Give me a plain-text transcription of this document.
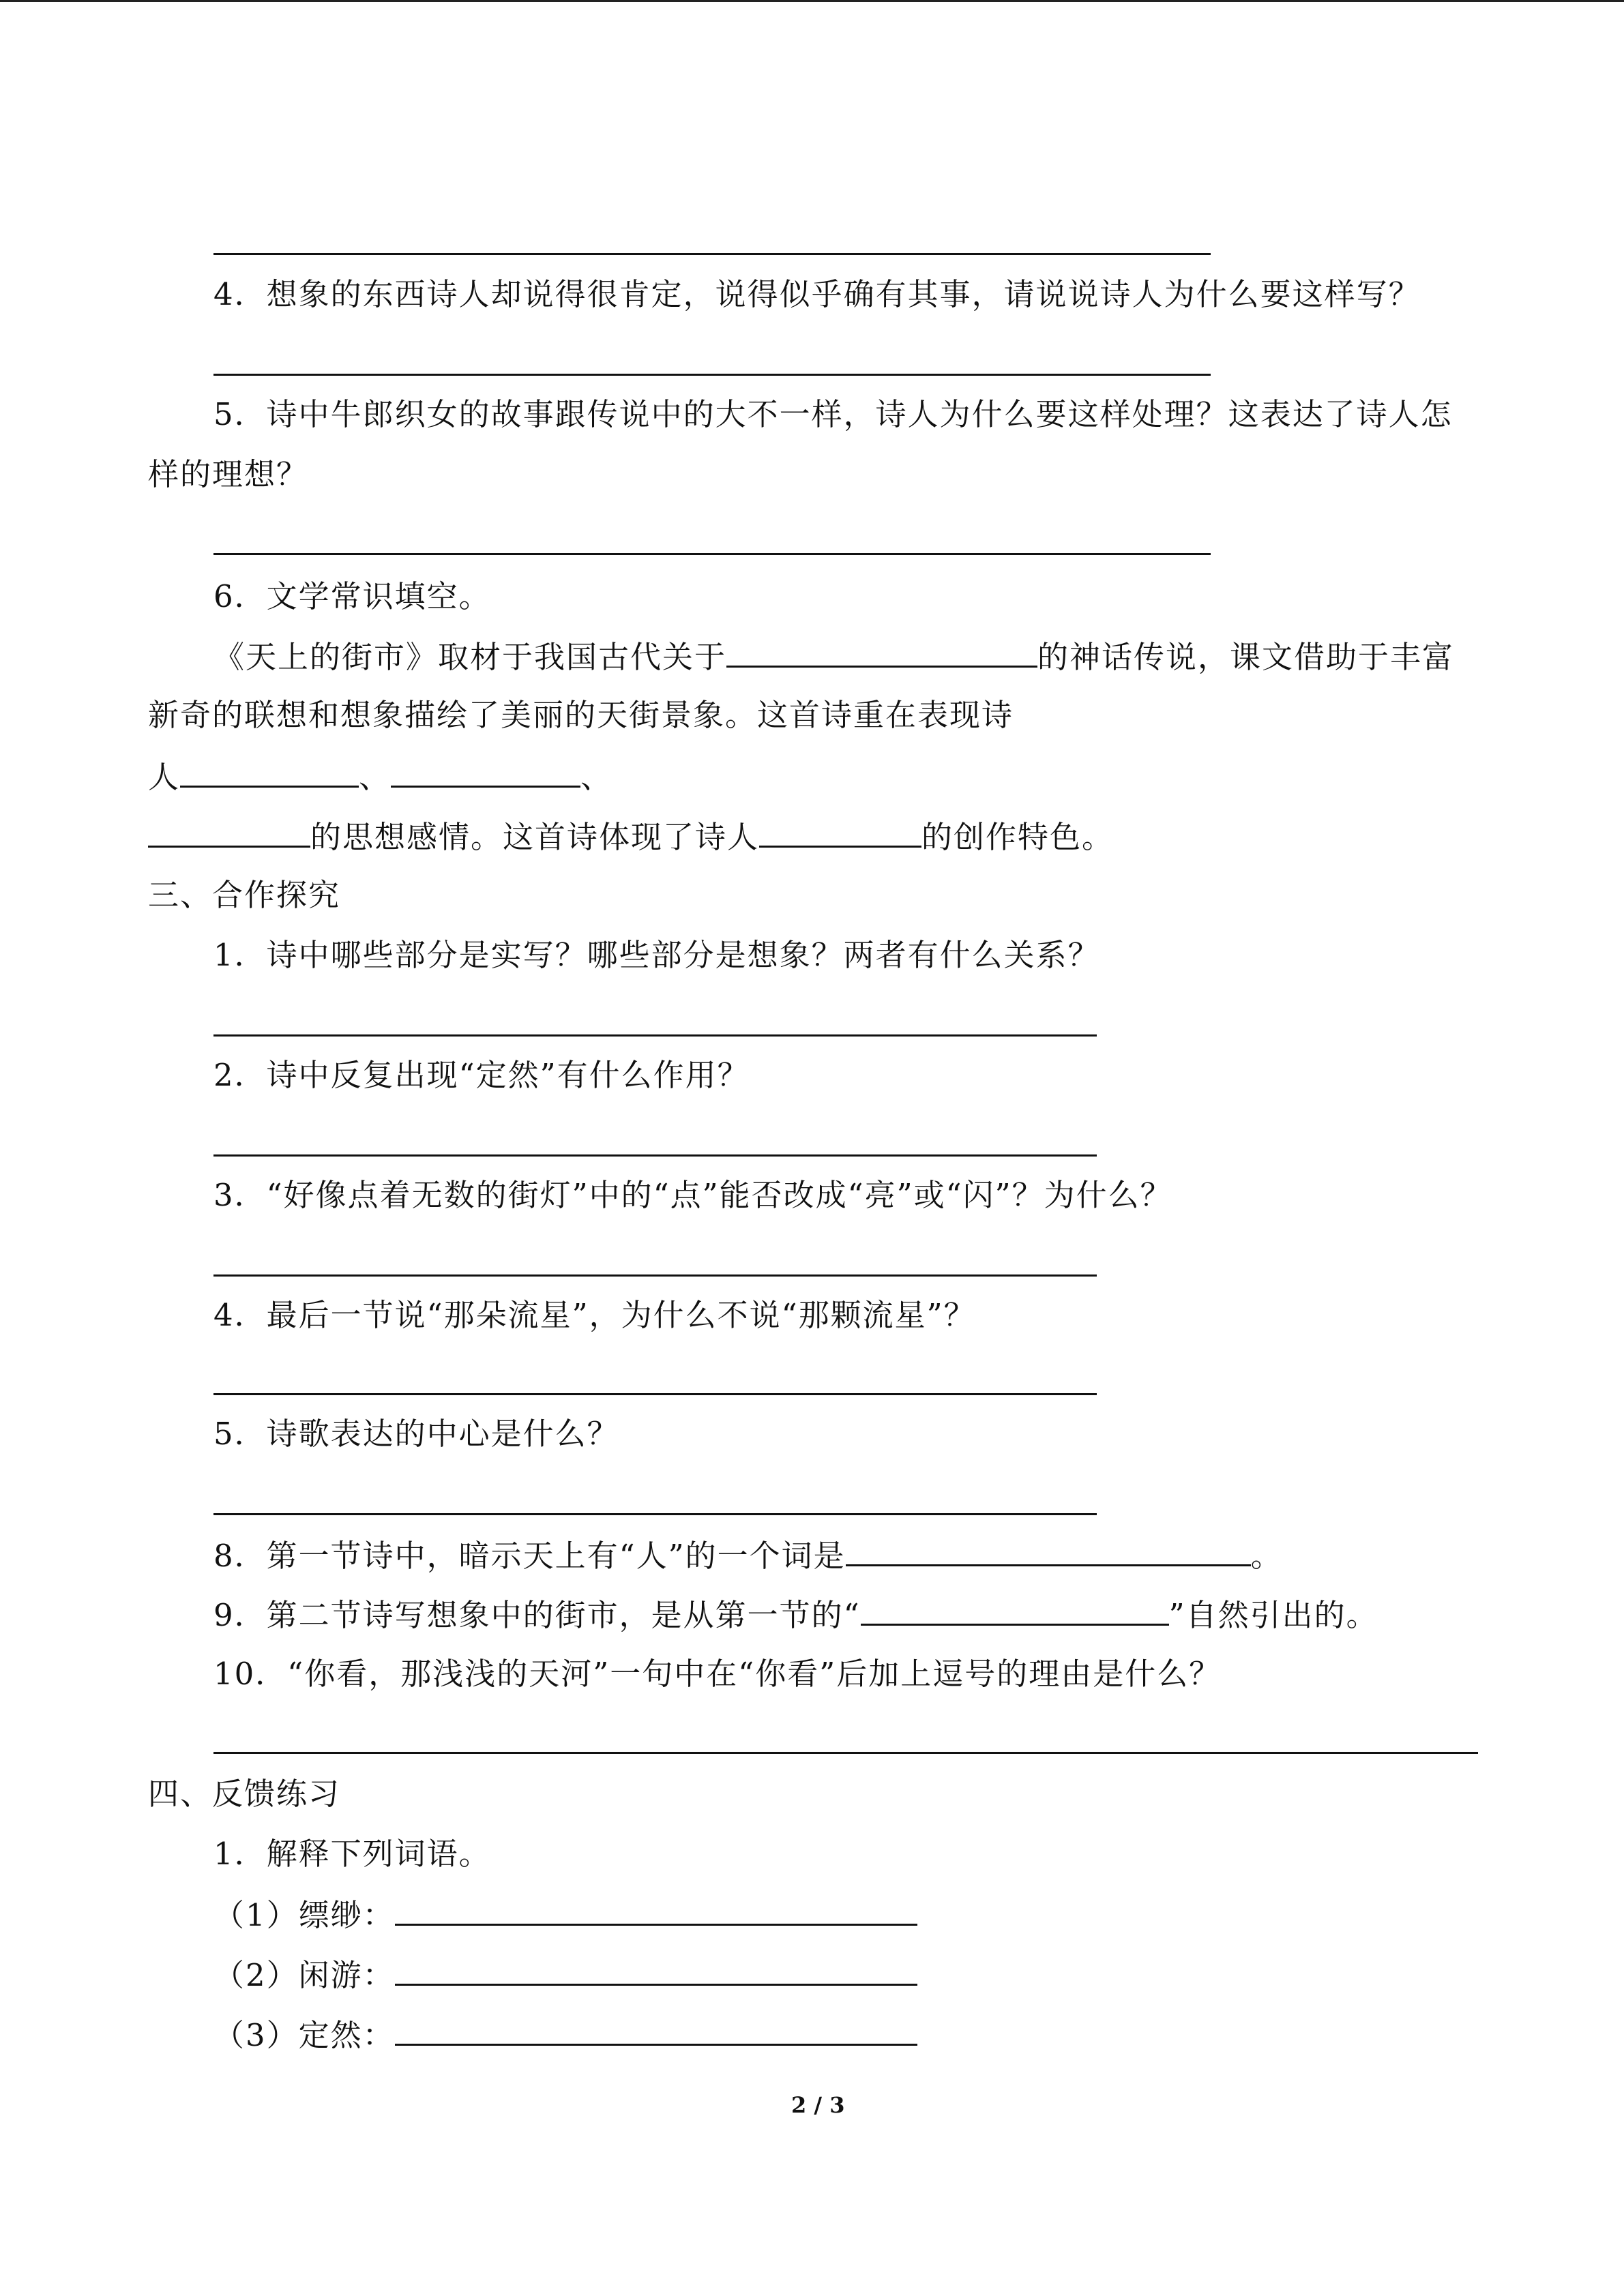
4．想象的东西诗人却说得很肯定，说得似乎确有其事，请说说诗人为什么要这样写？
5．诗中牛郎织女的故事跟传说中的大不一样，诗人为什么要这样处理？这表达了诗人怎
样的理想？
6．文学常识填空。
《天上的街市》取材于我国古代关于	的神话传说，课文借助于丰富
新奇的联想和想象描绘了美丽的天街景象。这首诗重在表现诗
人	、	、
的思想感情。这首诗体现了诗人	的创作特色。
三、合作探究
1．诗中哪些部分是实写？哪些部分是想象？两者有什么关系？
2．诗中反复出现“定然”有什么作用？
3．“好像点着无数的街灯”中的“点”能否改成“亮”或“闪”？为什么？
4．最后一节说“那朵流星”，为什么不说“那颗流星”？
5．诗歌表达的中心是什么？
8．第一节诗中，暗示天上有“人”的一个词是	。
9．第二节诗写想象中的街市，是从第一节的“	”自然引出的。
10．“你看，那浅浅的天河”一句中在“你看”后加上逗号的理由是什么？
四、反馈练习
1．解释下列词语。
（1）缥缈：
（2）闲游：
（3）定然：
2 / 3
